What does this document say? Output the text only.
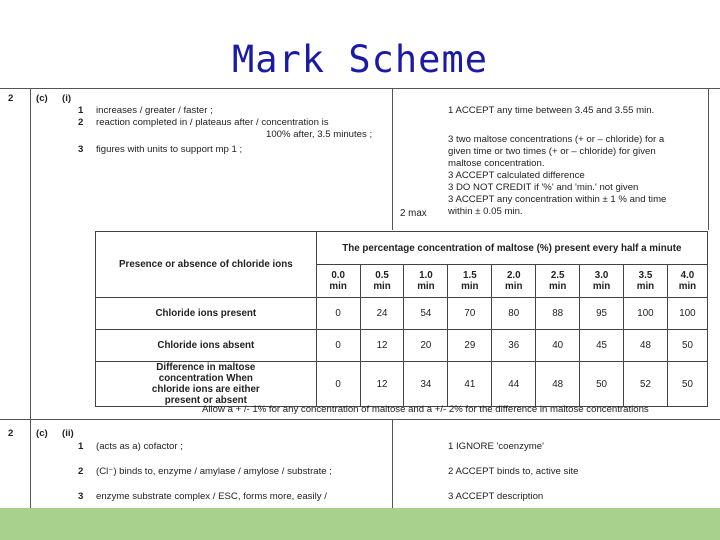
Mark Scheme
2 (c) (i)
1 increases / greater / faster ;
2 reaction completed in / plateaus after / concentration is
100% after, 3.5 minutes ;
3 figures with units to support mp 1 ;
1 ACCEPT any time between 3.45 and 3.55 min.
3 two maltose concentrations (+ or – chloride) for a
given time or two times (+ or – chloride) for given
maltose concentration.
3 ACCEPT calculated difference
3 DO NOT CREDIT if '%' and 'min.' not given
3 ACCEPT any concentration within ± 1 % and time
within ± 0.05 min.
2 max
Presence or absence of chloride ions	The percentage concentration of maltose (%) present every half a minute								
	0.0 min	0.5 min	1.0 min	1.5 min	2.0 min	2.5 min	3.0 min	3.5 min	4.0 min
Chloride ions present	0	24	54	70	80	88	95	100	100
Chloride ions absent	0	12	20	29	36	40	45	48	50
Difference in maltose concentration When chloride ions are either present or absent	0	12	34	41	44	48	50	52	50
Allow a + /- 1% for any concentration of maltose and a +/- 2% for the difference in maltose concentrations
2 (c) (ii)
1 (acts as a) cofactor ;
2 (Cl⁻) binds to, enzyme / amylase / amylose / substrate ;
3 enzyme substrate complex / ESC, forms more, easily /
1 IGNORE 'coenzyme'
2 ACCEPT binds to, active site
3 ACCEPT description
